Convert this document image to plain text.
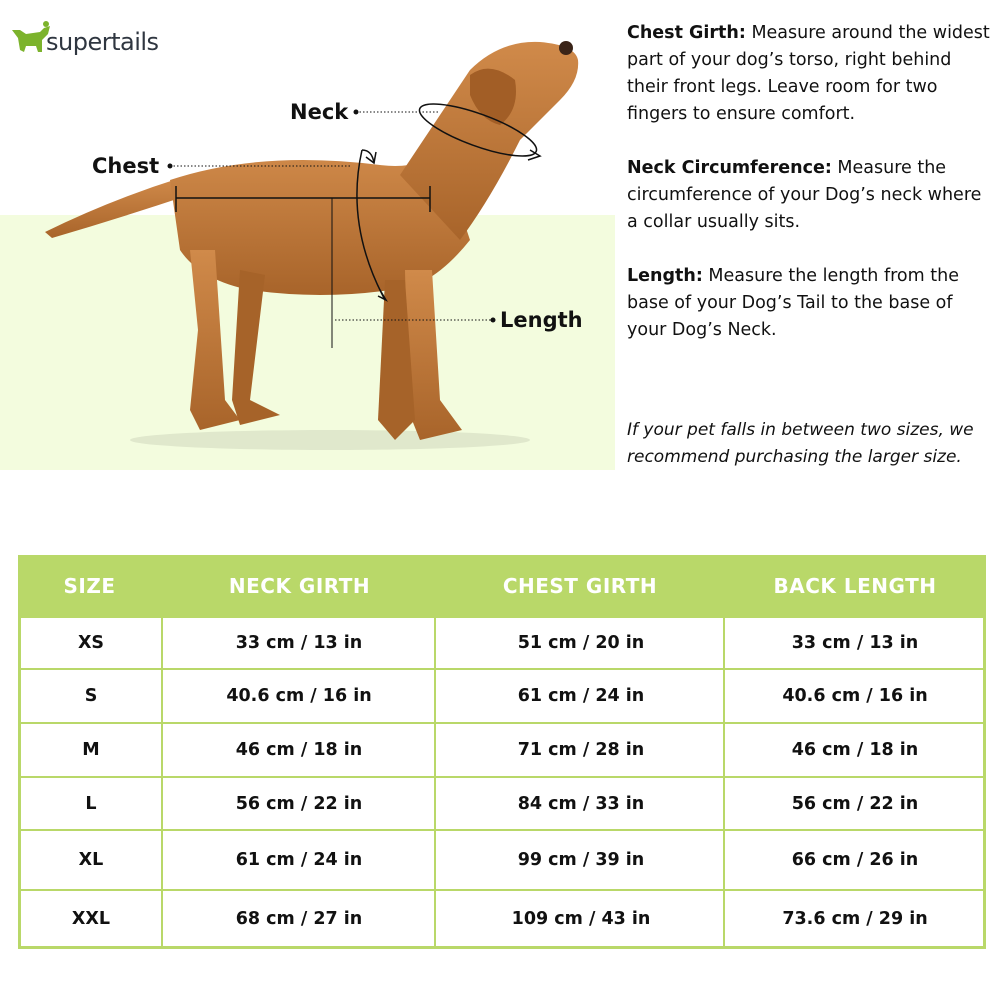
supertails
Neck
Chest
Length
Chest Girth: Measure around the widest part of your dog’s torso, right behind their front legs. Leave room for two fingers to ensure comfort.
Neck Circumference: Measure the circumference of your Dog’s neck where a collar usually sits.
Length: Measure the length from the base of your Dog’s Tail to the base of your Dog’s Neck.
If your pet falls in between two sizes, we recommend purchasing the larger size.
SIZE	NECK GIRTH	CHEST GIRTH	BACK LENGTH
XS	33 cm / 13 in	51 cm / 20 in	33 cm / 13 in
S	40.6 cm / 16 in	61 cm / 24 in	40.6 cm / 16 in
M	46 cm / 18 in	71 cm / 28 in	46 cm / 18 in
L	56 cm / 22 in	84 cm / 33 in	56 cm / 22 in
XL	61 cm / 24 in	99 cm / 39 in	66 cm / 26 in
XXL	68 cm / 27 in	109 cm / 43 in	73.6 cm / 29 in
